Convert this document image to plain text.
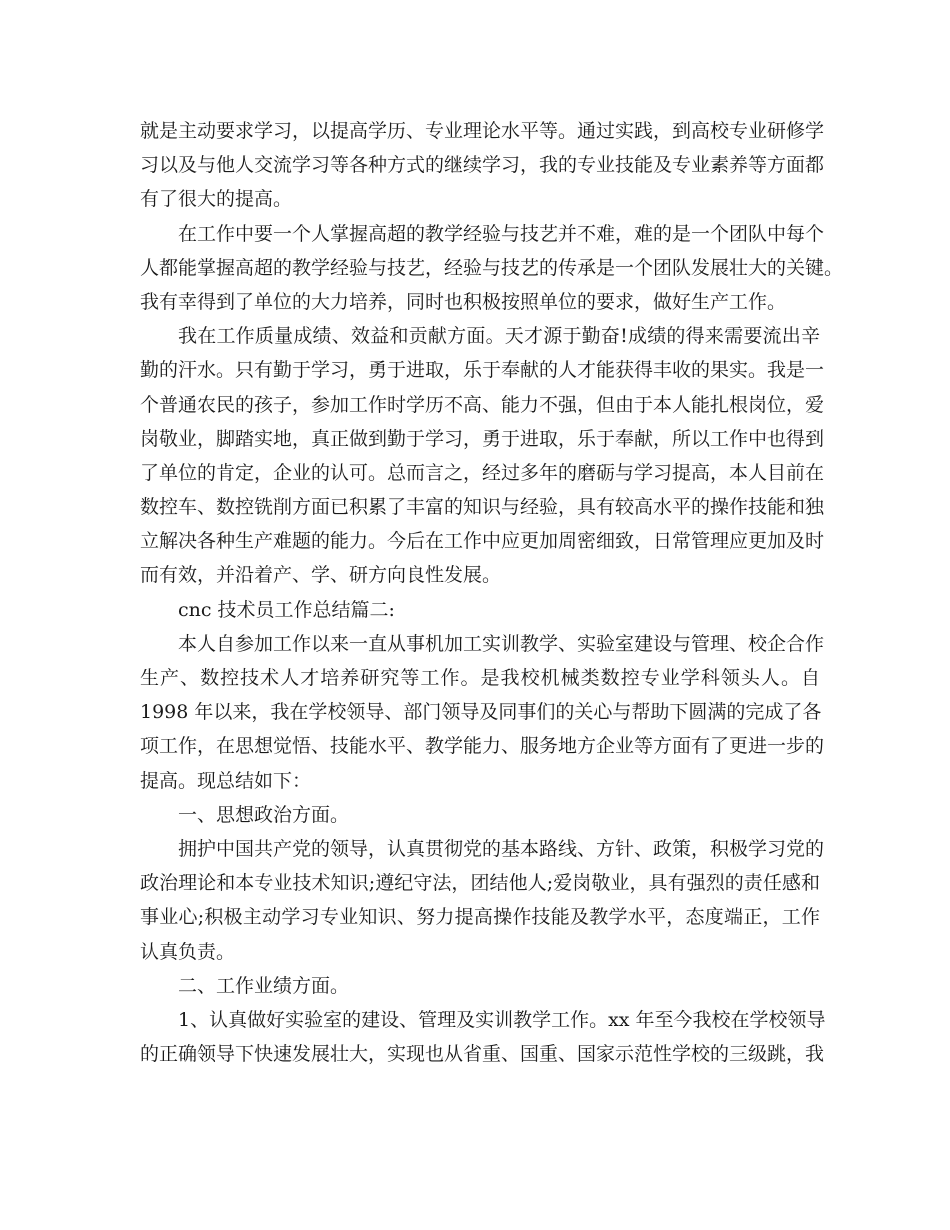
就是主动要求学习，以提高学历、专业理论水平等。通过实践，到高校专业研修学
习以及与他人交流学习等各种方式的继续学习，我的专业技能及专业素养等方面都
有了很大的提高。
在工作中要一个人掌握高超的教学经验与技艺并不难，难的是一个团队中每个
人都能掌握高超的教学经验与技艺，经验与技艺的传承是一个团队发展壮大的关键。
我有幸得到了单位的大力培养，同时也积极按照单位的要求，做好生产工作。
我在工作质量成绩、效益和贡献方面。天才源于勤奋!成绩的得来需要流出辛
勤的汗水。只有勤于学习，勇于进取，乐于奉献的人才能获得丰收的果实。我是一
个普通农民的孩子，参加工作时学历不高、能力不强，但由于本人能扎根岗位，爱
岗敬业，脚踏实地，真正做到勤于学习，勇于进取，乐于奉献，所以工作中也得到
了单位的肯定，企业的认可。总而言之，经过多年的磨砺与学习提高，本人目前在
数控车、数控铣削方面已积累了丰富的知识与经验，具有较高水平的操作技能和独
立解决各种生产难题的能力。今后在工作中应更加周密细致，日常管理应更加及时
而有效，并沿着产、学、研方向良性发展。
cnc 技术员工作总结篇二:
本人自参加工作以来一直从事机加工实训教学、实验室建设与管理、校企合作
生产、数控技术人才培养研究等工作。是我校机械类数控专业学科领头人。自
1998 年以来，我在学校领导、部门领导及同事们的关心与帮助下圆满的完成了各
项工作，在思想觉悟、技能水平、教学能力、服务地方企业等方面有了更进一步的
提高。现总结如下：
一、思想政治方面。
拥护中国共产党的领导，认真贯彻党的基本路线、方针、政策，积极学习党的
政治理论和本专业技术知识;遵纪守法，团结他人;爱岗敬业，具有强烈的责任感和
事业心;积极主动学习专业知识、努力提高操作技能及教学水平，态度端正，工作
认真负责。
二、工作业绩方面。
1、认真做好实验室的建设、管理及实训教学工作。xx 年至今我校在学校领导
的正确领导下快速发展壮大，实现也从省重、国重、国家示范性学校的三级跳，我
